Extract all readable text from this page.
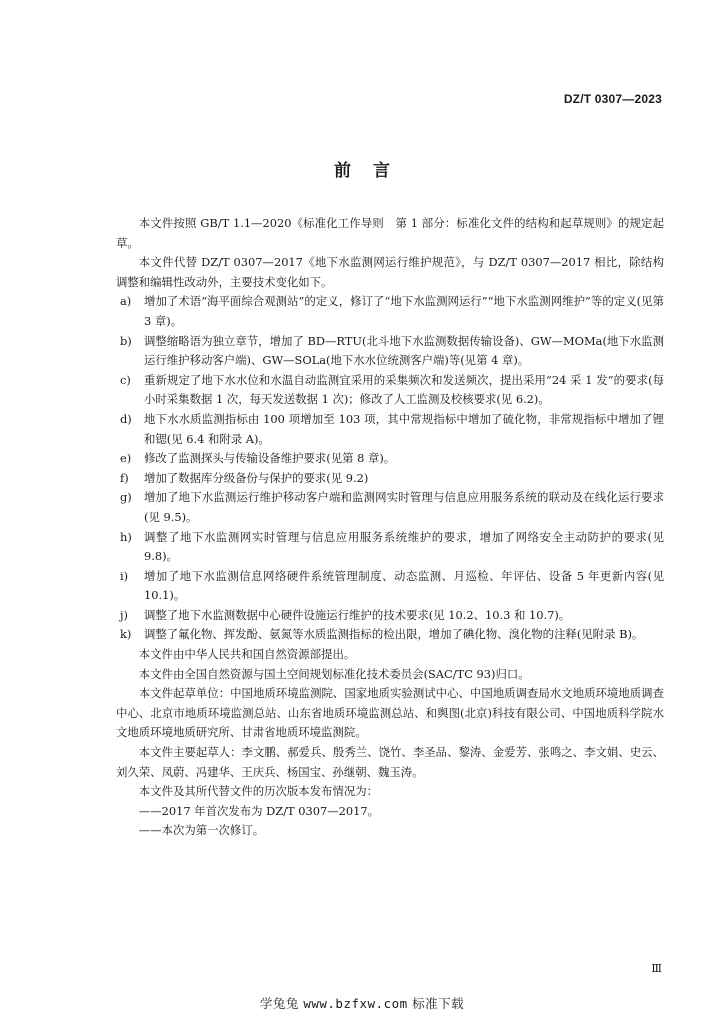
DZ/T 0307—2023
前言

本文件按照 GB/T 1.1—2020《标准化工作导则　第 1 部分：标准化文件的结构和起草规则》的规定起草。

本文件代替 DZ/T 0307—2017《地下水监测网运行维护规范》，与 DZ/T 0307—2017 相比，除结构调整和编辑性改动外，主要技术变化如下。

a)	增加了术语“海平面综合观测站”的定义，修订了“地下水监测网运行”“地下水监测网维护”等的定义(见第 3 章)。
b)	调整缩略语为独立章节，增加了 BD—RTU(北斗地下水监测数据传输设备)、GW—MOMa(地下水监测运行维护移动客户端)、GW—SOLa(地下水水位统测客户端)等(见第 4 章)。
c)	重新规定了地下水水位和水温自动监测宜采用的采集频次和发送频次，提出采用“24 采 1 发”的要求(每小时采集数据 1 次，每天发送数据 1 次)；修改了人工监测及校核要求(见 6.2)。
d)	地下水水质监测指标由 100 项增加至 103 项，其中常规指标中增加了硫化物，非常规指标中增加了锂和锶(见 6.4 和附录 A)。
e)	修改了监测探头与传输设备维护要求(见第 8 章)。
f)	增加了数据库分级备份与保护的要求(见 9.2)
g)	增加了地下水监测运行维护移动客户端和监测网实时管理与信息应用服务系统的联动及在线化运行要求(见 9.5)。
h)	调整了地下水监测网实时管理与信息应用服务系统维护的要求，增加了网络安全主动防护的要求(见 9.8)。
i)	增加了地下水监测信息网络硬件系统管理制度、动态监测、月巡检、年评估、设备 5 年更新内容(见 10.1)。
j)	调整了地下水监测数据中心硬件设施运行维护的技术要求(见 10.2、10.3 和 10.7)。
k)	调整了氟化物、挥发酚、氨氮等水质监测指标的检出限，增加了碘化物、溴化物的注释(见附录 B)。

本文件由中华人民共和国自然资源部提出。

本文件由全国自然资源与国土空间规划标准化技术委员会(SAC/TC 93)归口。

本文件起草单位：中国地质环境监测院、国家地质实验测试中心、中国地质调查局水文地质环境地质调查中心、北京市地质环境监测总站、山东省地质环境监测总站、和舆图(北京)科技有限公司、中国地质科学院水文地质环境地质研究所、甘肃省地质环境监测院。

本文件主要起草人：李文鹏、郝爱兵、殷秀兰、饶竹、李圣品、黎涛、金爱芳、张鸣之、李文娟、史云、刘久荣、凤蔚、冯建华、王庆兵、杨国宝、孙继朝、魏玉涛。

本文件及其所代替文件的历次版本发布情况为：

——2017 年首次发布为 DZ/T 0307—2017。

——本次为第一次修订。

Ⅲ
学兔兔 www.bzfxw.com 标准下载
